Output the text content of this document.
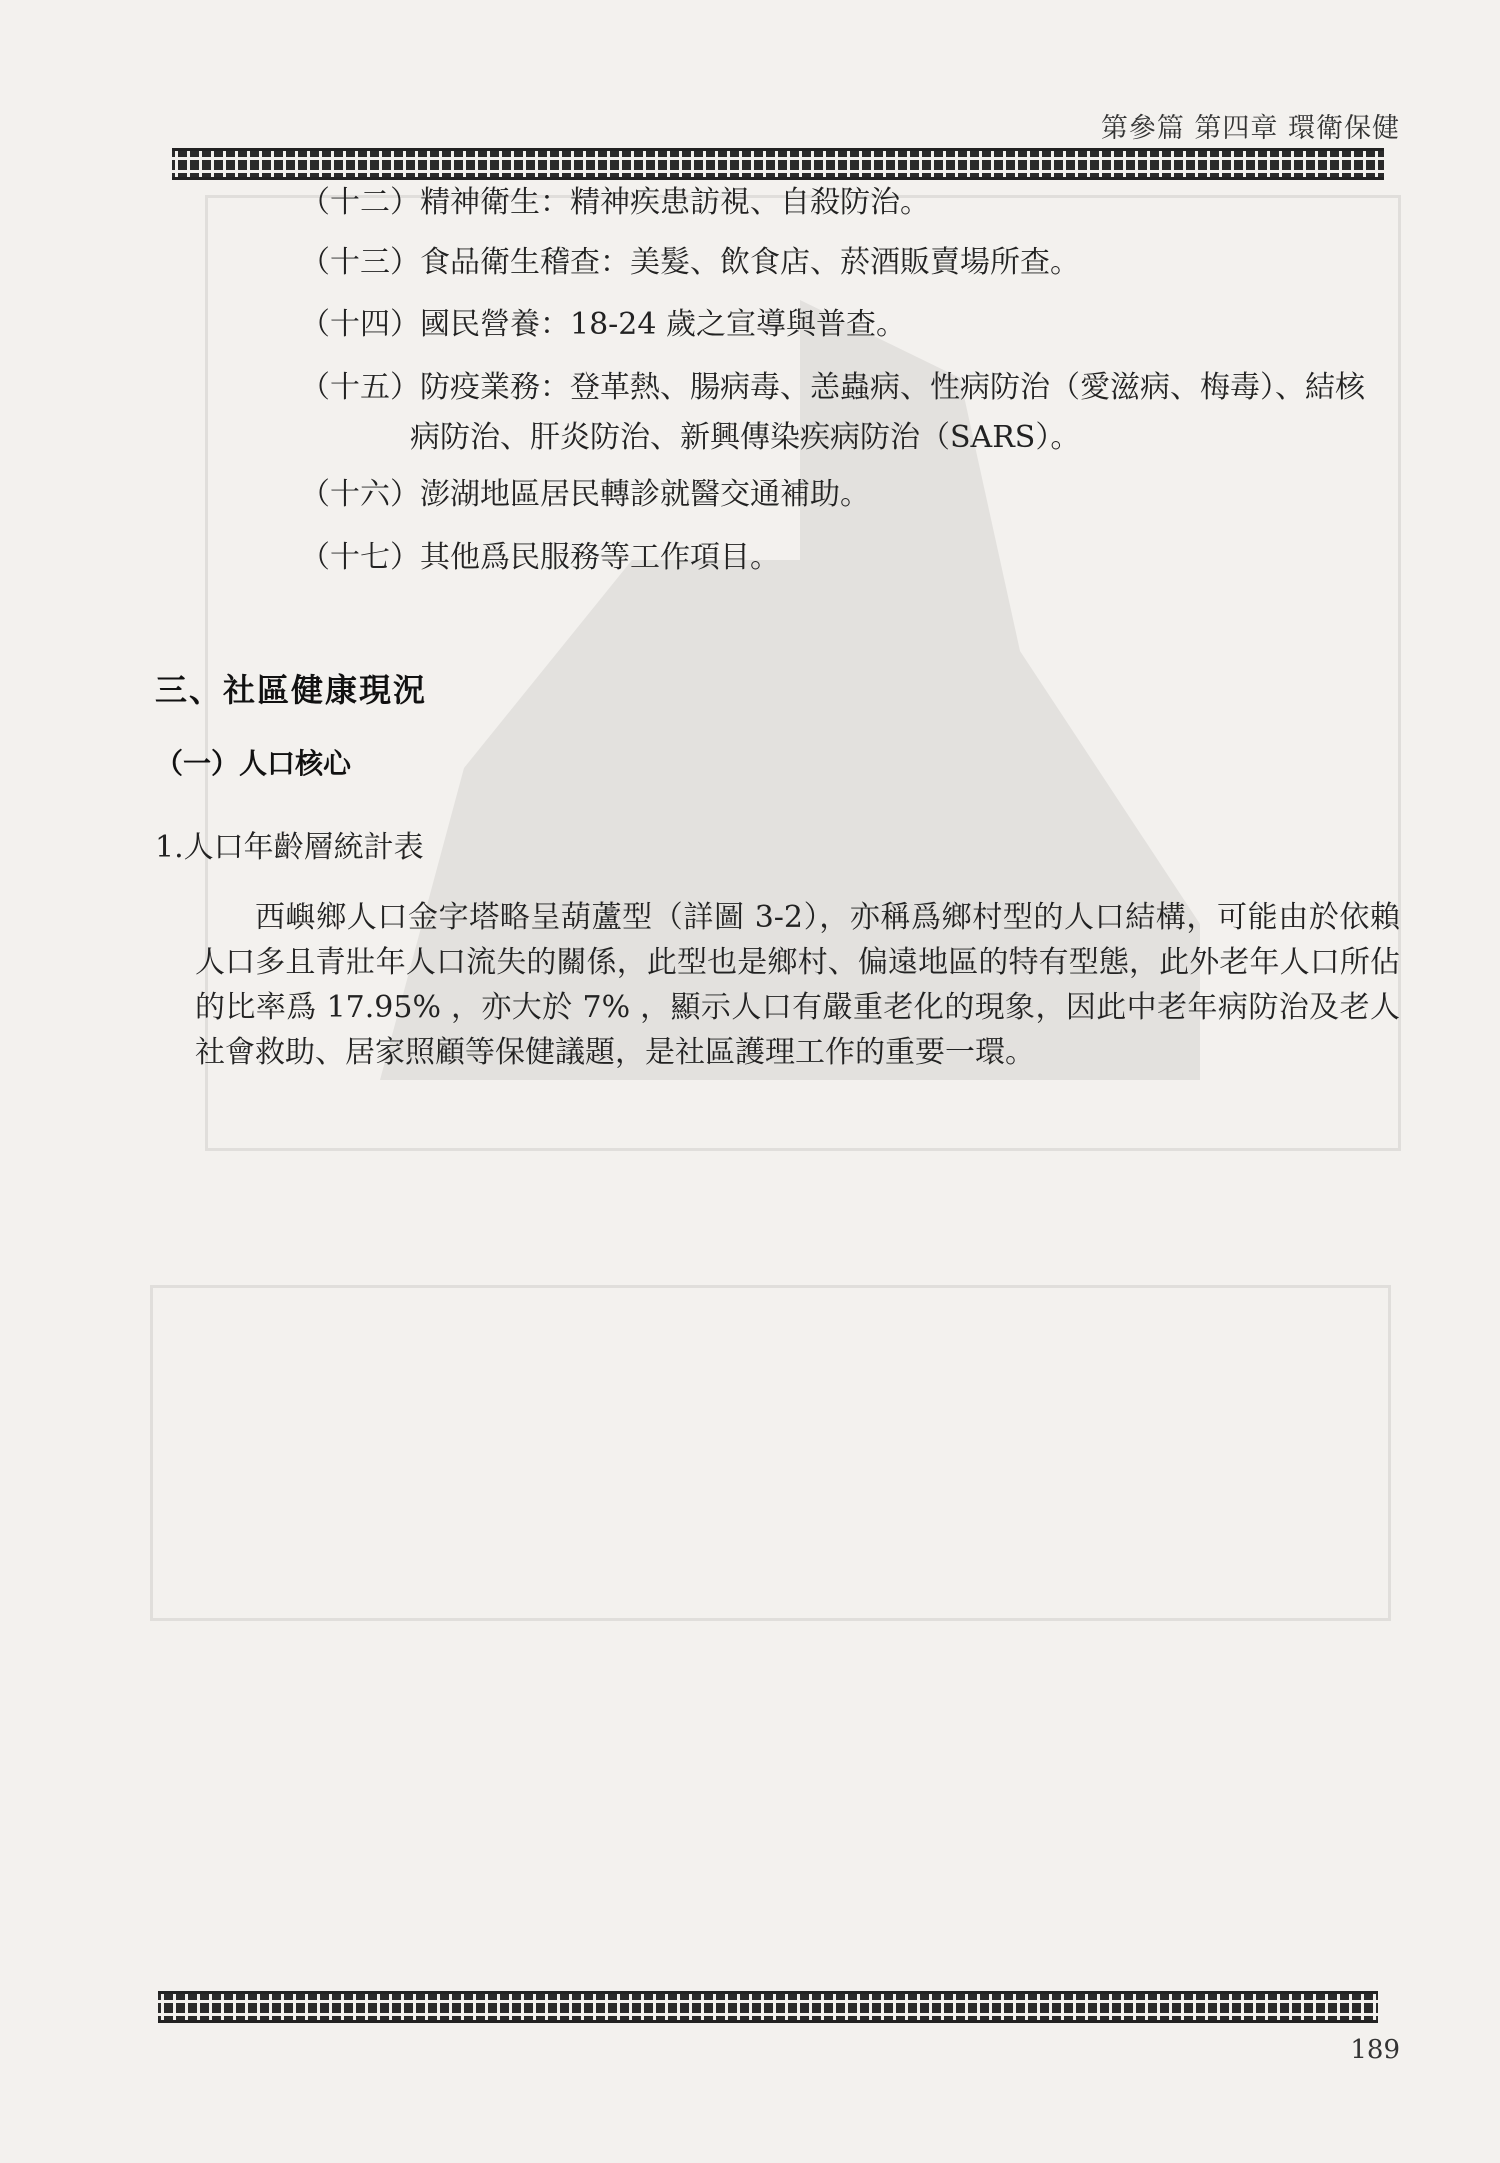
第參篇 第四章 環衛保健
（十二）精神衛生：精神疾患訪視、自殺防治。
（十三）食品衛生稽查：美髮、飲食店、菸酒販賣場所查。
（十四）國民營養：18-24 歲之宣導與普查。
（十五）防疫業務：登革熱、腸病毒、恙蟲病、性病防治（愛滋病、梅毒）、結核
病防治、肝炎防治、新興傳染疾病防治（SARS）。
（十六）澎湖地區居民轉診就醫交通補助。
（十七）其他爲民服務等工作項目。
三、社區健康現況
（一）人口核心
1.人口年齡層統計表

西嶼鄉人口金字塔略呈葫蘆型（詳圖 3-2），亦稱爲鄉村型的人口結構，可能由於依賴人口多且青壯年人口流失的關係，此型也是鄉村、偏遠地區的特有型態，此外老年人口所佔的比率爲 17.95% ，亦大於 7% ，顯示人口有嚴重老化的現象，因此中老年病防治及老人社會救助、居家照顧等保健議題，是社區護理工作的重要一環。

189
